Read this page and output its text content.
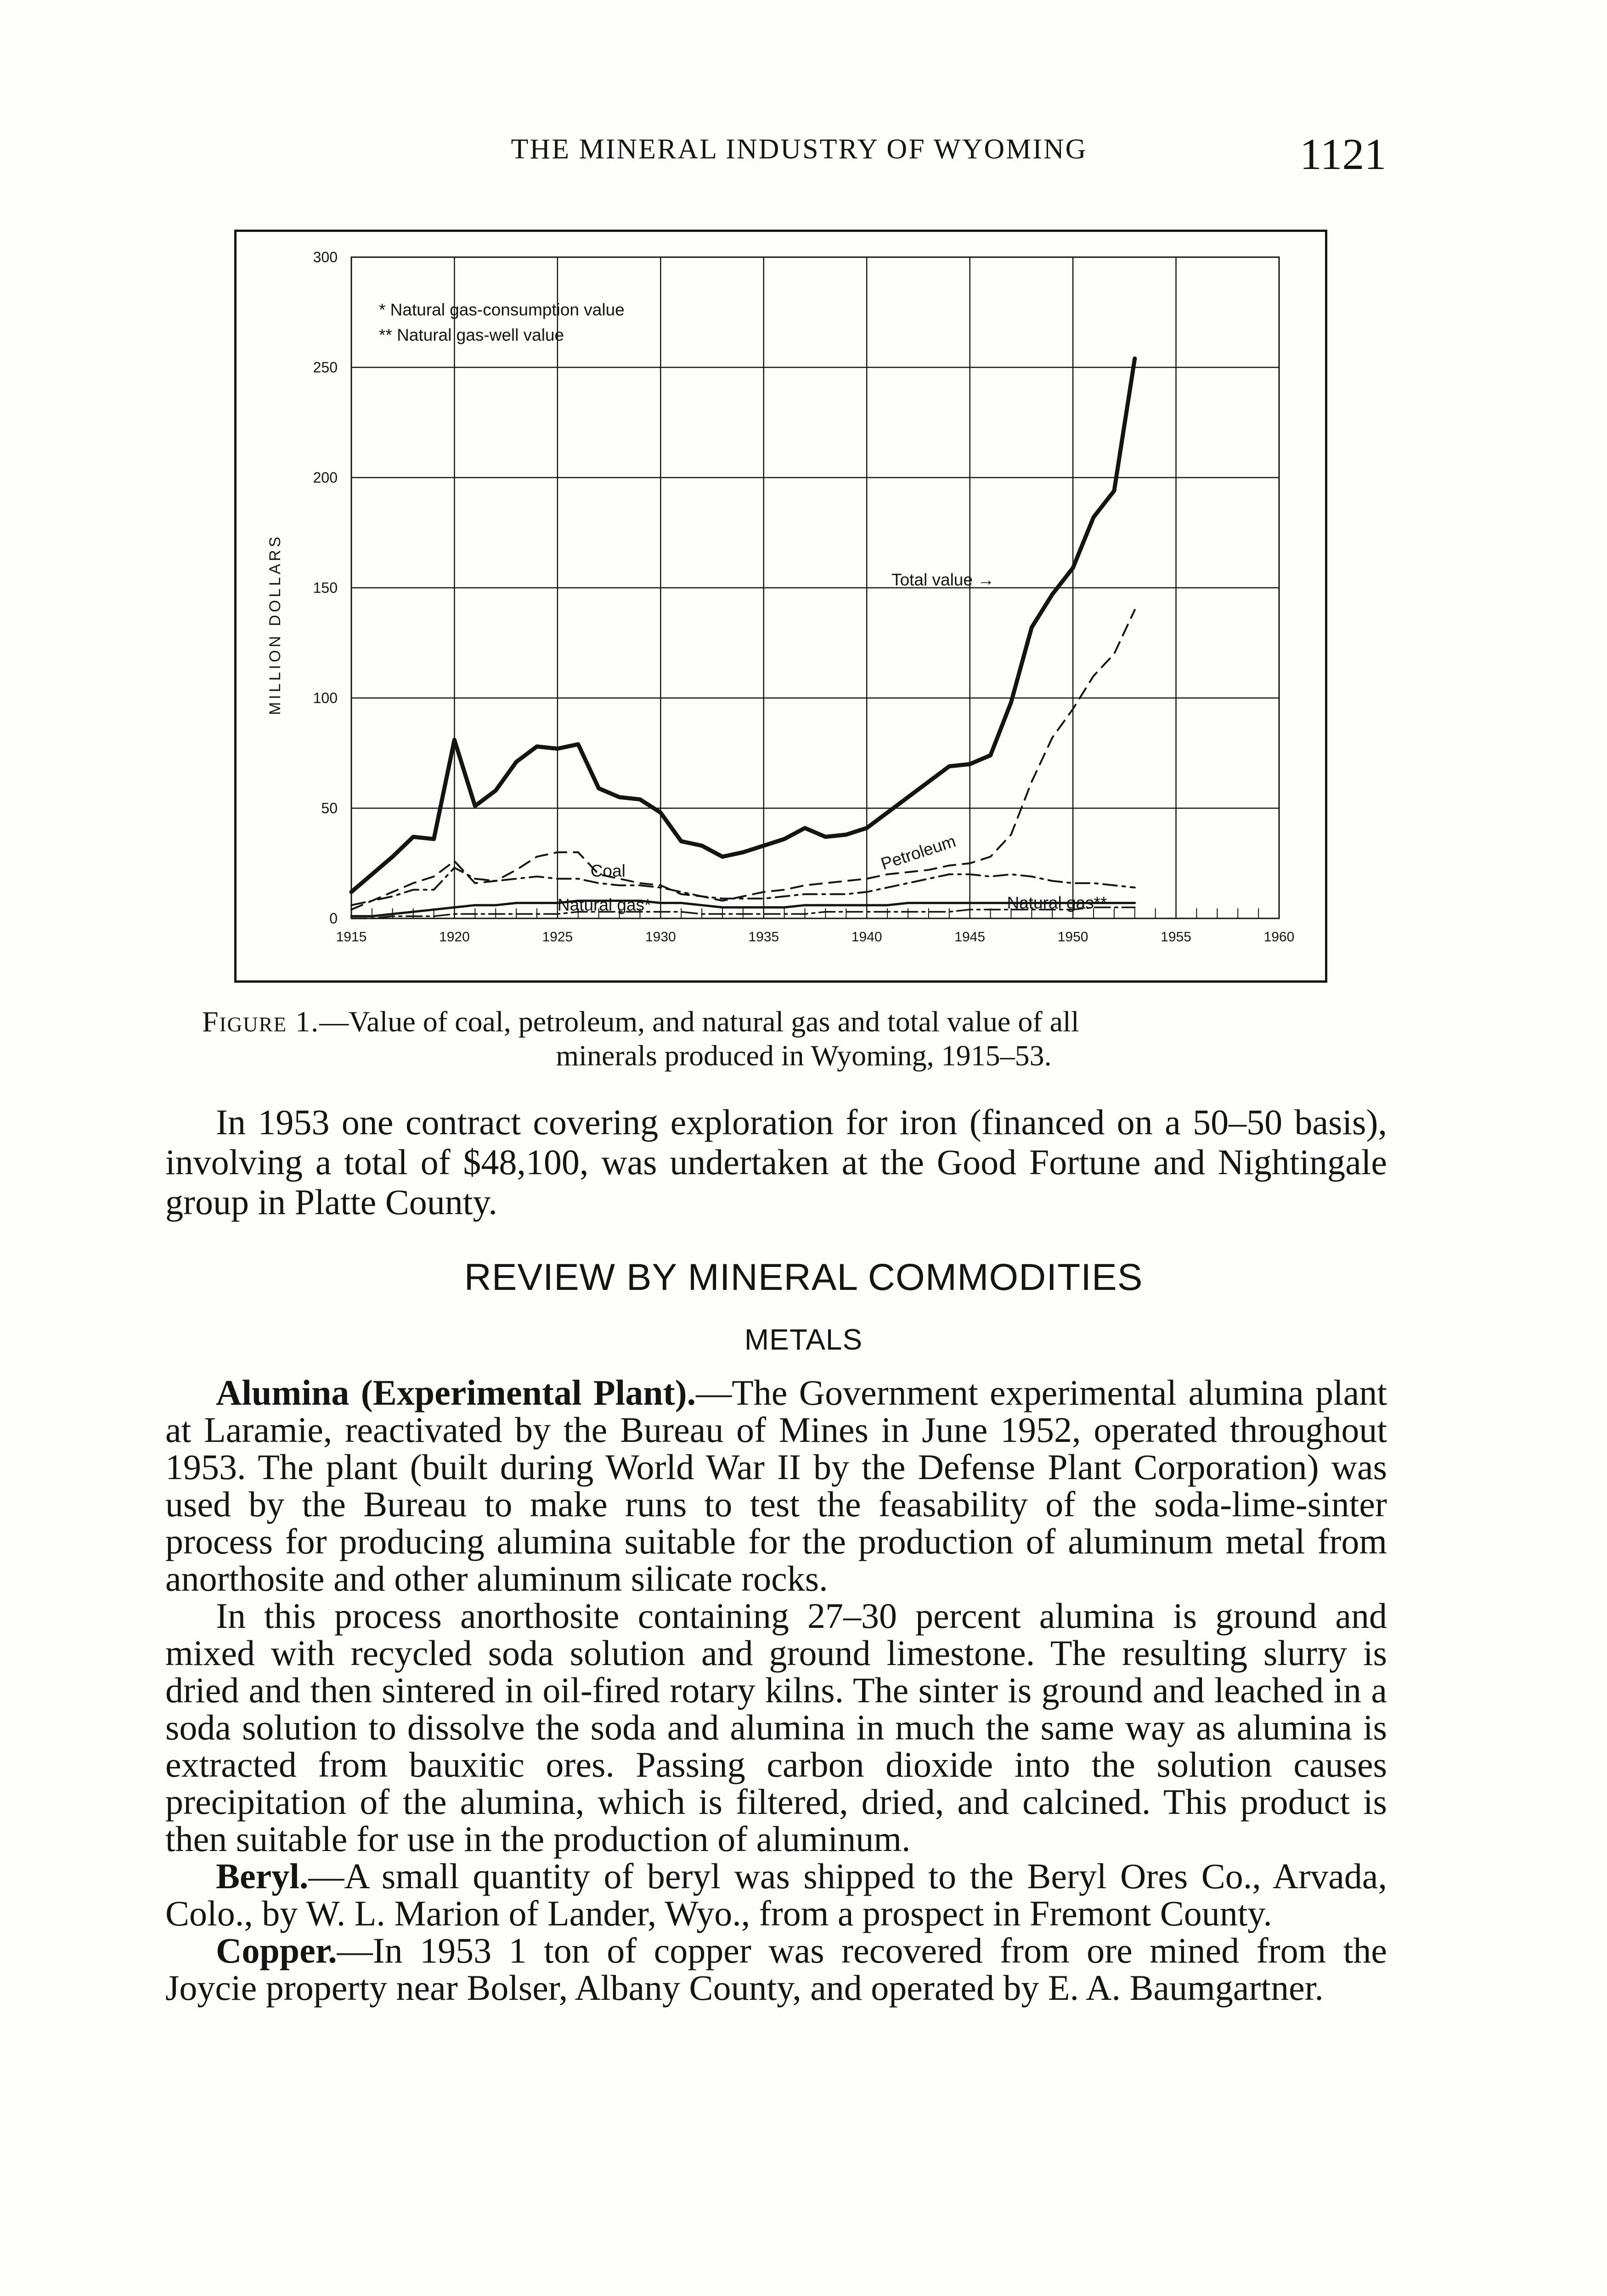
THE MINERAL INDUSTRY OF WYOMING	1121
1915	1920	1925	1930	1935	1940	1945	1950	1955	1960
0
50
100
150
200
250
300
MILLION DOLLARS
* Natural gas-consumption value
** Natural gas-well value
Total value →
Petroleum
Coal
Natural gas*	Natural gas**
Figure 1.—Value of coal, petroleum, and natural gas and total value of all
minerals produced in Wyoming, 1915–53.
In 1953 one contract covering exploration for iron (financed on a 50–50 basis), involving a total of $48,100, was undertaken at the Good Fortune and Nightingale group in Platte County.
REVIEW BY MINERAL COMMODITIES
METALS

Alumina (Experimental Plant).—The Government experimental alumina plant at Laramie, reactivated by the Bureau of Mines in June 1952, operated throughout 1953. The plant (built during World War II by the Defense Plant Corporation) was used by the Bureau to make runs to test the feasability of the soda-lime-sinter process for producing alumina suitable for the production of aluminum metal from anorthosite and other aluminum silicate rocks.

In this process anorthosite containing 27–30 percent alumina is ground and mixed with recycled soda solution and ground limestone. The resulting slurry is dried and then sintered in oil-fired rotary kilns. The sinter is ground and leached in a soda solution to dissolve the soda and alumina in much the same way as alumina is extracted from bauxitic ores. Passing carbon dioxide into the solution causes precipitation of the alumina, which is filtered, dried, and calcined. This product is then suitable for use in the production of aluminum.

Beryl.—A small quantity of beryl was shipped to the Beryl Ores Co., Arvada, Colo., by W. L. Marion of Lander, Wyo., from a prospect in Fremont County.

Copper.—In 1953 1 ton of copper was recovered from ore mined from the Joycie property near Bolser, Albany County, and operated by E. A. Baumgartner.
